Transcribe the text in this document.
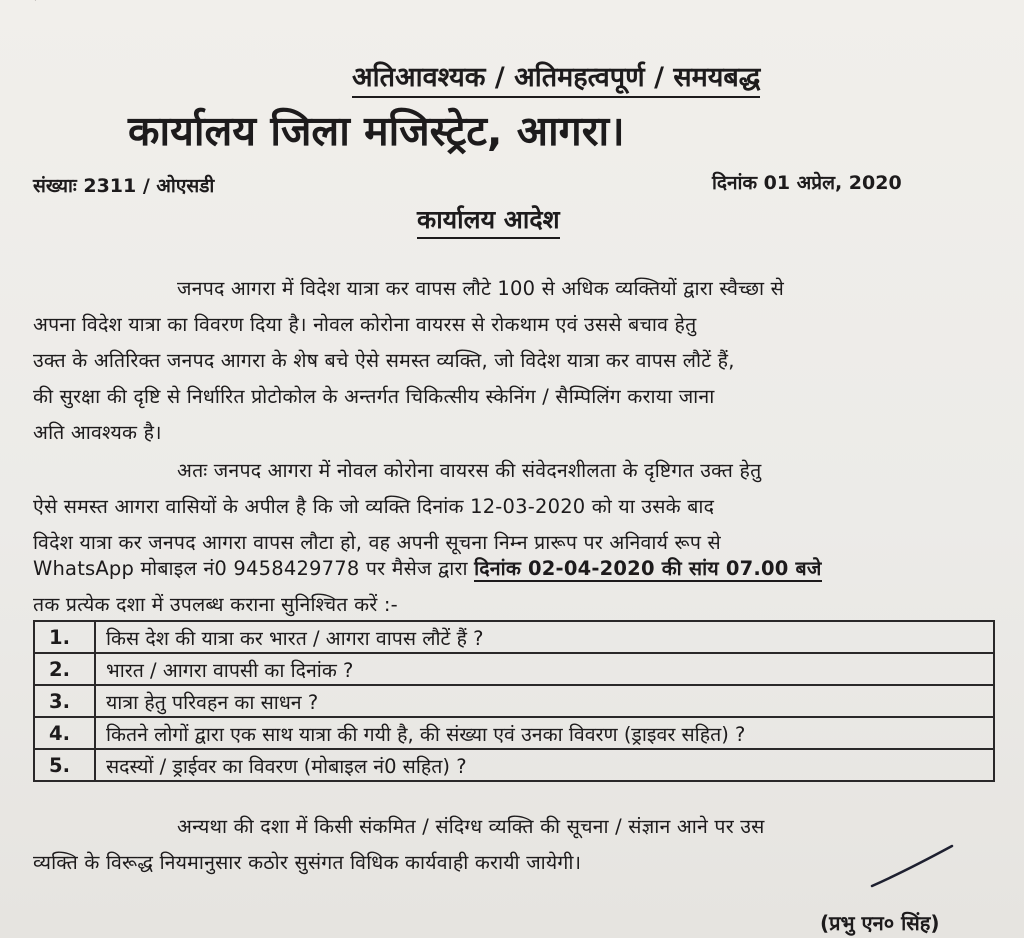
अतिआवश्यक / अतिमहत्वपूर्ण / समयबद्ध
कार्यालय जिला मजिस्ट्रेट, आगरा।
संख्याः 2311 / ओएसडी	दिनांक 01 अप्रेल, 2020
कार्यालय आदेश
जनपद आगरा में विदेश यात्रा कर वापस लौटे 100 से अधिक व्यक्तियों द्वारा स्वैच्छा से
अपना विदेश यात्रा का विवरण दिया है। नोवल कोरोना वायरस से रोकथाम एवं उससे बचाव हेतु
उक्त के अतिरिक्त जनपद आगरा के शेष बचे ऐसे समस्त व्यक्ति, जो विदेश यात्रा कर वापस लौटें हैं,
की सुरक्षा की दृष्टि से निर्धारित प्रोटोकोल के अन्तर्गत चिकित्सीय स्केनिंग / सैम्पिलिंग कराया जाना
अति आवश्यक है।
अतः जनपद आगरा में नोवल कोरोना वायरस की संवेदनशीलता के दृष्टिगत उक्त हेतु
ऐसे समस्त आगरा वासियों के अपील है कि जो व्यक्ति दिनांक 12-03-2020 को या उसके बाद
विदेश यात्रा कर जनपद आगरा वापस लौटा हो, वह अपनी सूचना निम्न प्रारूप पर अनिवार्य रूप से
WhatsApp मोबाइल नं0 9458429778 पर मैसेज द्वारा दिनांक 02-04-2020 की सांय 07.00 बजे
तक प्रत्येक दशा में उपलब्ध कराना सुनिश्चित करें :-
1.	किस देश की यात्रा कर भारत / आगरा वापस लौटें हैं ?
2.	भारत / आगरा वापसी का दिनांक ?
3.	यात्रा हेतु परिवहन का साधन ?
4.	कितने लोगों द्वारा एक साथ यात्रा की गयी है, की संख्या एवं उनका विवरण (ड्राइवर सहित) ?
5.	सदस्यों / ड्राईवर का विवरण (मोबाइल नं0 सहित) ?
अन्यथा की दशा में किसी संकमित / संदिग्ध व्यक्ति की सूचना / संज्ञान आने पर उस
व्यक्ति के विरूद्ध नियमानुसार कठोर सुसंगत विधिक कार्यवाही करायी जायेगी।
(प्रभु एन० सिंह)
